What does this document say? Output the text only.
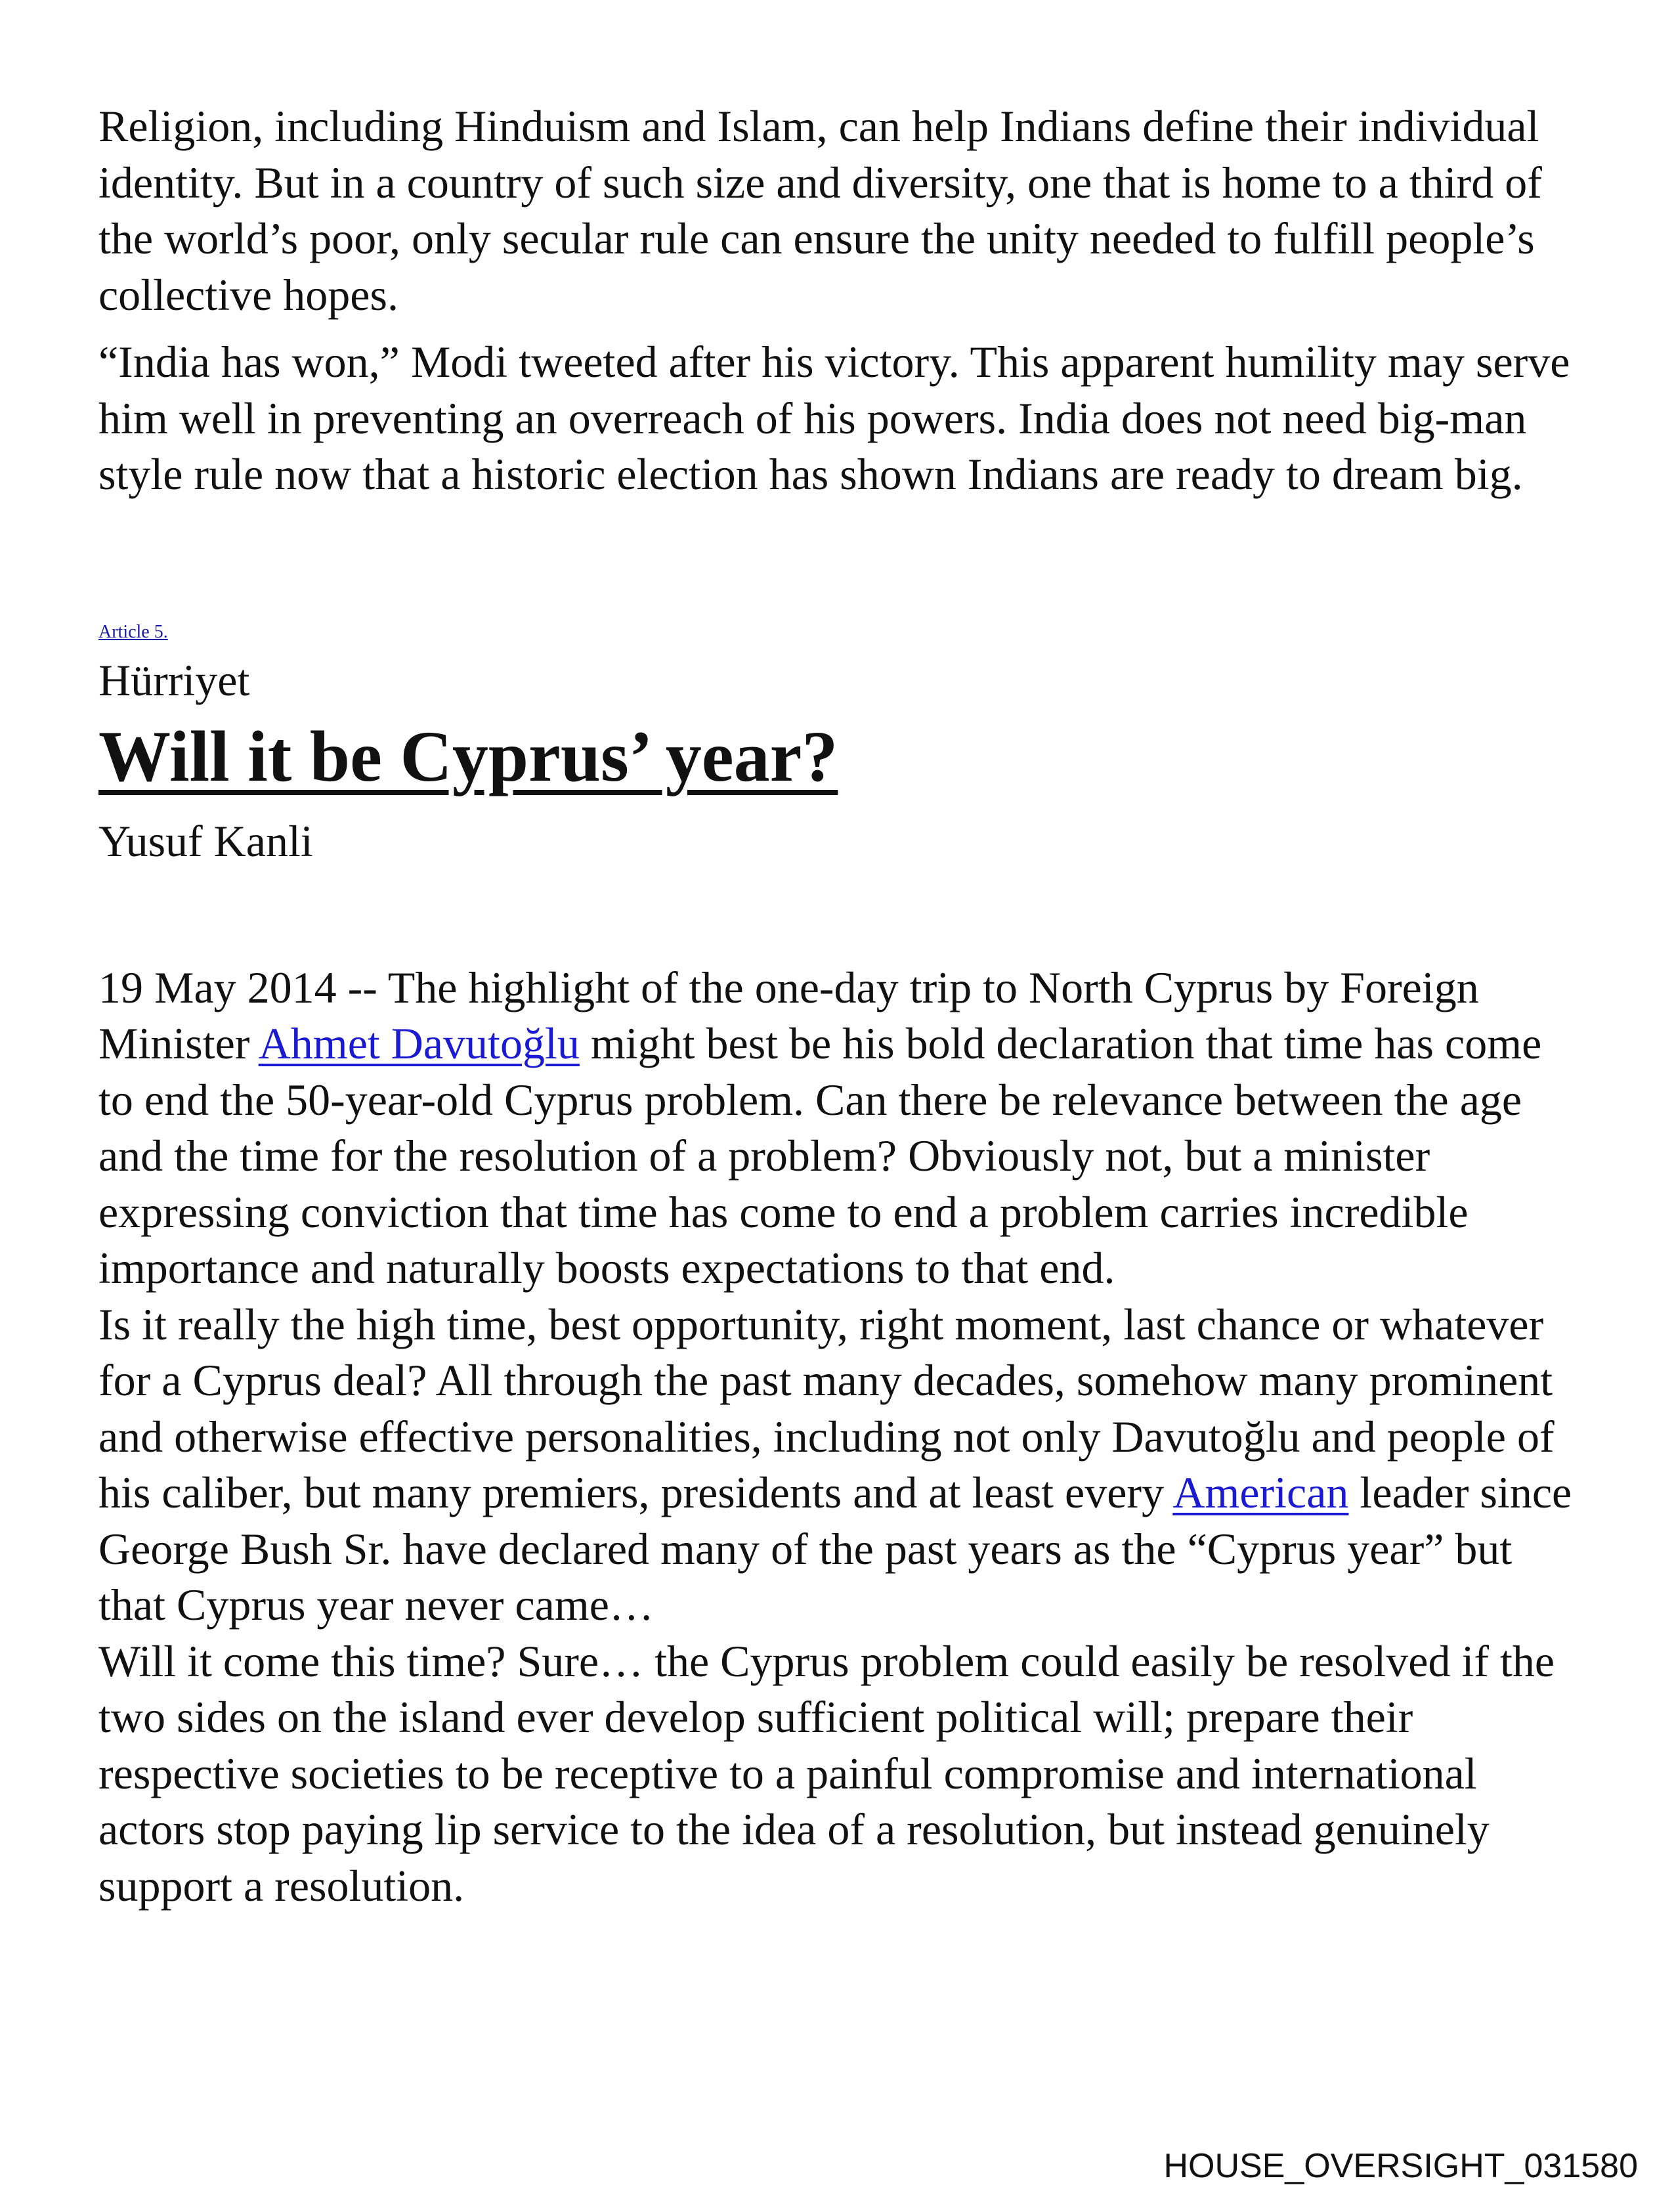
Religion, including Hinduism and Islam, can help Indians define their individual identity. But in a country of such size and diversity, one that is home to a third of the world’s poor, only secular rule can ensure the unity needed to fulfill people’s collective hopes.

“India has won,” Modi tweeted after his victory. This apparent humility may serve him well in preventing an overreach of his powers. India does not need big-man style rule now that a historic election has shown Indians are ready to dream big.

Article 5.
Hürriyet
Will it be Cyprus’ year?
Yusuf Kanli

19 May 2014 -- The highlight of the one-day trip to North Cyprus by Foreign Minister Ahmet Davutoğlu might best be his bold declaration that time has come to end the 50-year-old Cyprus problem. Can there be relevance between the age and the time for the resolution of a problem? Obviously not, but a minister expressing conviction that time has come to end a problem carries incredible importance and naturally boosts expectations to that end.

Is it really the high time, best opportunity, right moment, last chance or whatever for a Cyprus deal? All through the past many decades, somehow many prominent and otherwise effective personalities, including not only Davutoğlu and people of his caliber, but many premiers, presidents and at least every American leader since George Bush Sr. have declared many of the past years as the “Cyprus year” but that Cyprus year never came…

Will it come this time? Sure… the Cyprus problem could easily be resolved if the two sides on the island ever develop sufficient political will; prepare their respective societies to be receptive to a painful compromise and international actors stop paying lip service to the idea of a resolution, but instead genuinely support a resolution.

HOUSE_OVERSIGHT_031580
